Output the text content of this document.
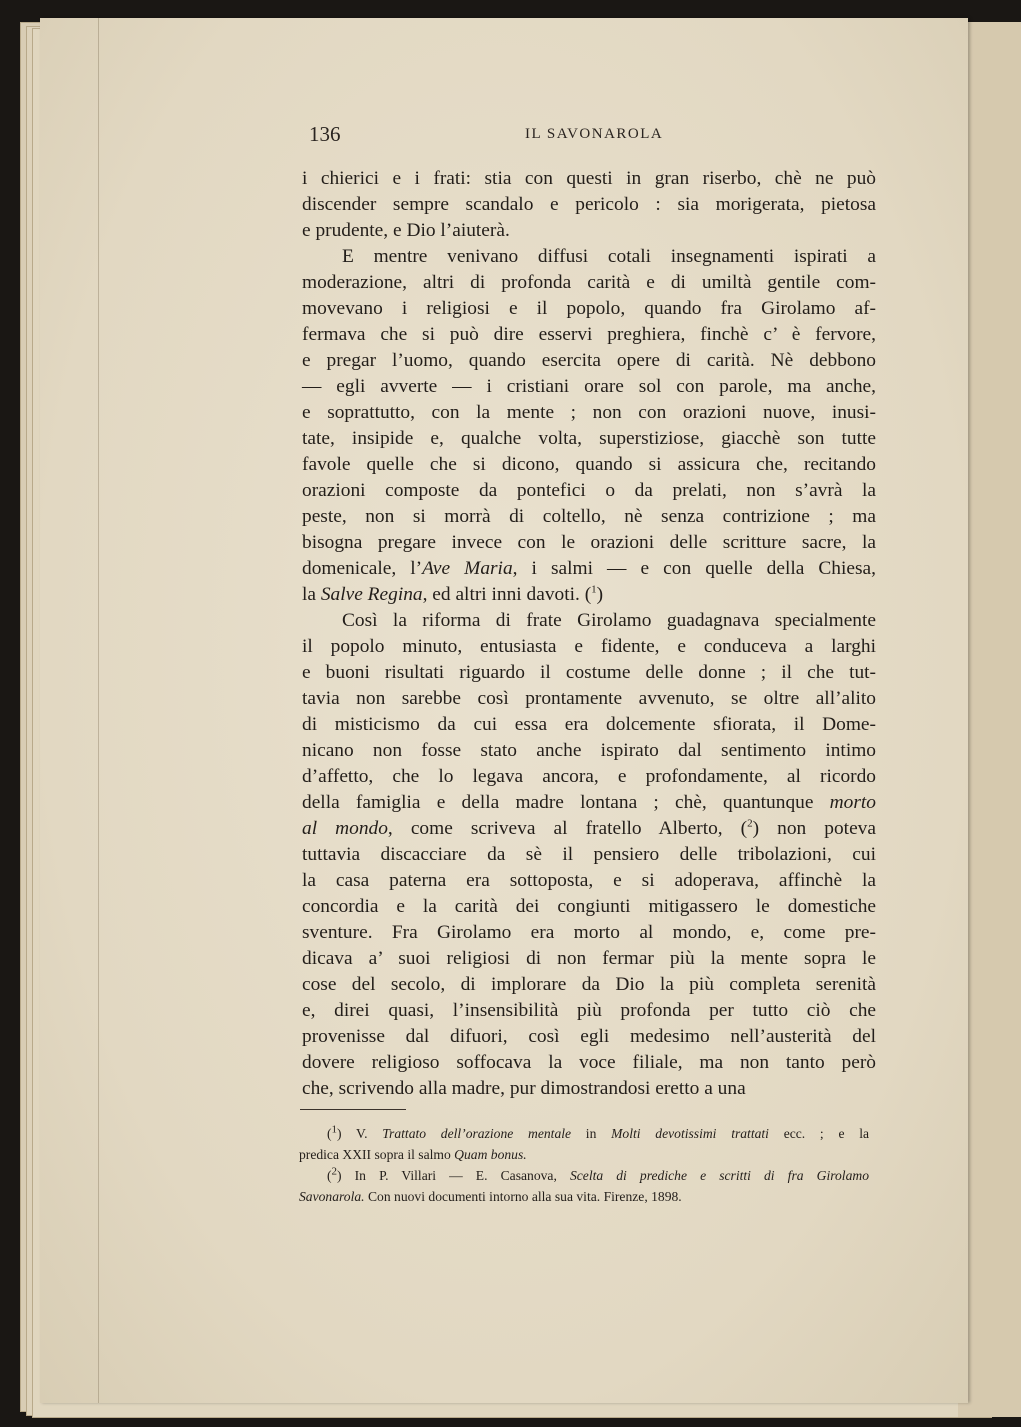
136	IL SAVONAROLA
i chierici e i frati: stia con questi in gran riserbo, chè ne può
discender sempre scandalo e pericolo : sia morigerata, pietosa
e prudente, e Dio l’aiuterà.
E mentre venivano diffusi cotali insegnamenti ispirati a
moderazione, altri di profonda carità e di umiltà gentile com-
movevano i religiosi e il popolo, quando fra Girolamo af-
fermava che si può dire esservi preghiera, finchè c’ è fervore,
e pregar l’uomo, quando esercita opere di carità. Nè debbono
— egli avverte — i cristiani orare sol con parole, ma anche,
e soprattutto, con la mente ; non con orazioni nuove, inusi-
tate, insipide e, qualche volta, superstiziose, giacchè son tutte
favole quelle che si dicono, quando si assicura che, recitando
orazioni composte da pontefici o da prelati, non s’avrà la
peste, non si morrà di coltello, nè senza contrizione ; ma
bisogna pregare invece con le orazioni delle scritture sacre, la
domenicale, l’Ave Maria, i salmi — e con quelle della Chiesa,
la Salve Regina, ed altri inni davoti. ($^1$)
Così la riforma di frate Girolamo guadagnava specialmente
il popolo minuto, entusiasta e fidente, e conduceva a larghi
e buoni risultati riguardo il costume delle donne ; il che tut-
tavia non sarebbe così prontamente avvenuto, se oltre all’alito
di misticismo da cui essa era dolcemente sfiorata, il Dome-
nicano non fosse stato anche ispirato dal sentimento intimo
d’affetto, che lo legava ancora, e profondamente, al ricordo
della famiglia e della madre lontana ; chè, quantunque morto
al mondo, come scriveva al fratello Alberto, ($^2$) non poteva
tuttavia discacciare da sè il pensiero delle tribolazioni, cui
la casa paterna era sottoposta, e si adoperava, affinchè la
concordia e la carità dei congiunti mitigassero le domestiche
sventure. Fra Girolamo era morto al mondo, e, come pre-
dicava a’ suoi religiosi di non fermar più la mente sopra le
cose del secolo, di implorare da Dio la più completa serenità
e, direi quasi, l’insensibilità più profonda per tutto ciò che
provenisse dal difuori, così egli medesimo nell’austerità del
dovere religioso soffocava la voce filiale, ma non tanto però
che, scrivendo alla madre, pur dimostrandosi eretto a una
($^1$) V. Trattato dell’orazione mentale in Molti devotissimi trattati ecc. ; e la
predica XXII sopra il salmo Quam bonus.
($^2$) In P. Villari — E. Casanova, Scelta di prediche e scritti di fra Girolamo
Savonarola. Con nuovi documenti intorno alla sua vita. Firenze, 1898.
